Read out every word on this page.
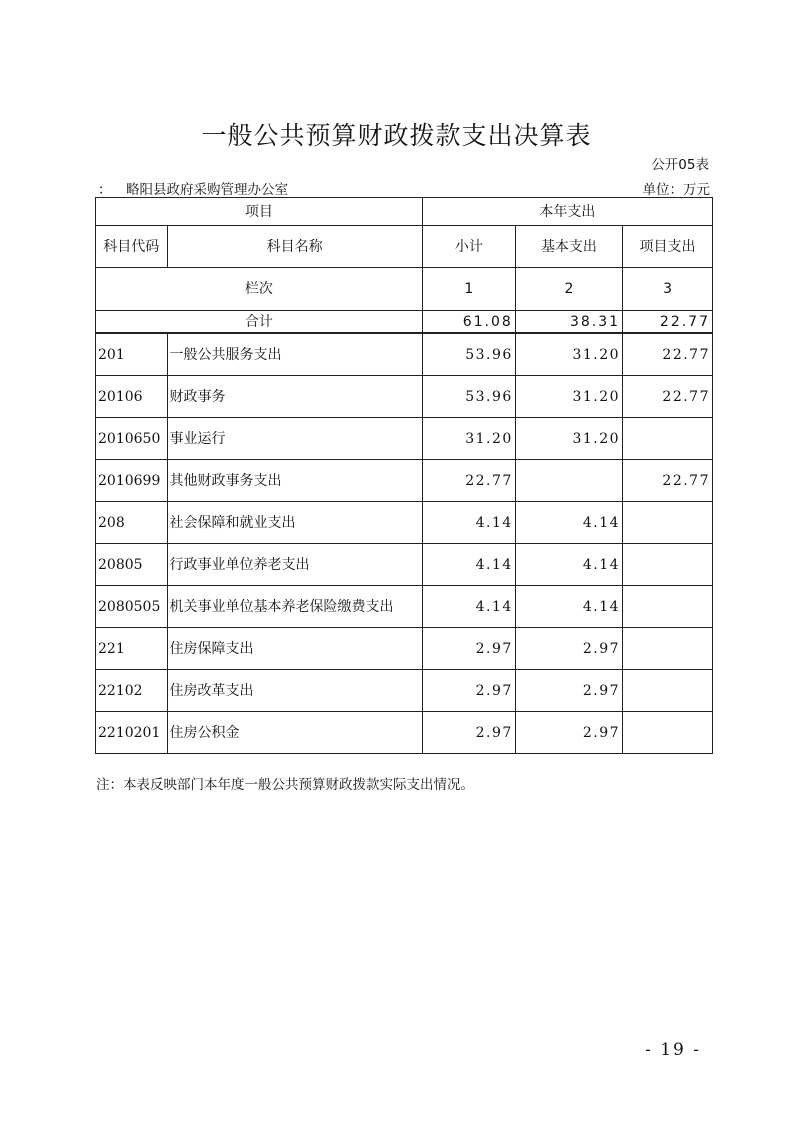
一般公共预算财政拨款支出决算表
公开05表
： 略阳县政府采购管理办公室	单位：万元
项目		本年支出		
科目代码	科目名称	小计	基本支出	项目支出
栏次		1	2	3
合计		61.08	38.31	22.77
201	一般公共服务支出	53.96	31.20	22.77
20106	财政事务	53.96	31.20	22.77
2010650	事业运行	31.20	31.20	
2010699	其他财政事务支出	22.77		22.77
208	社会保障和就业支出	4.14	4.14	
20805	行政事业单位养老支出	4.14	4.14	
2080505	机关事业单位基本养老保险缴费支出	4.14	4.14	
221	住房保障支出	2.97	2.97	
22102	住房改革支出	2.97	2.97	
2210201	住房公积金	2.97	2.97	
注：本表反映部门本年度一般公共预算财政拨款实际支出情况。
- 19 -
